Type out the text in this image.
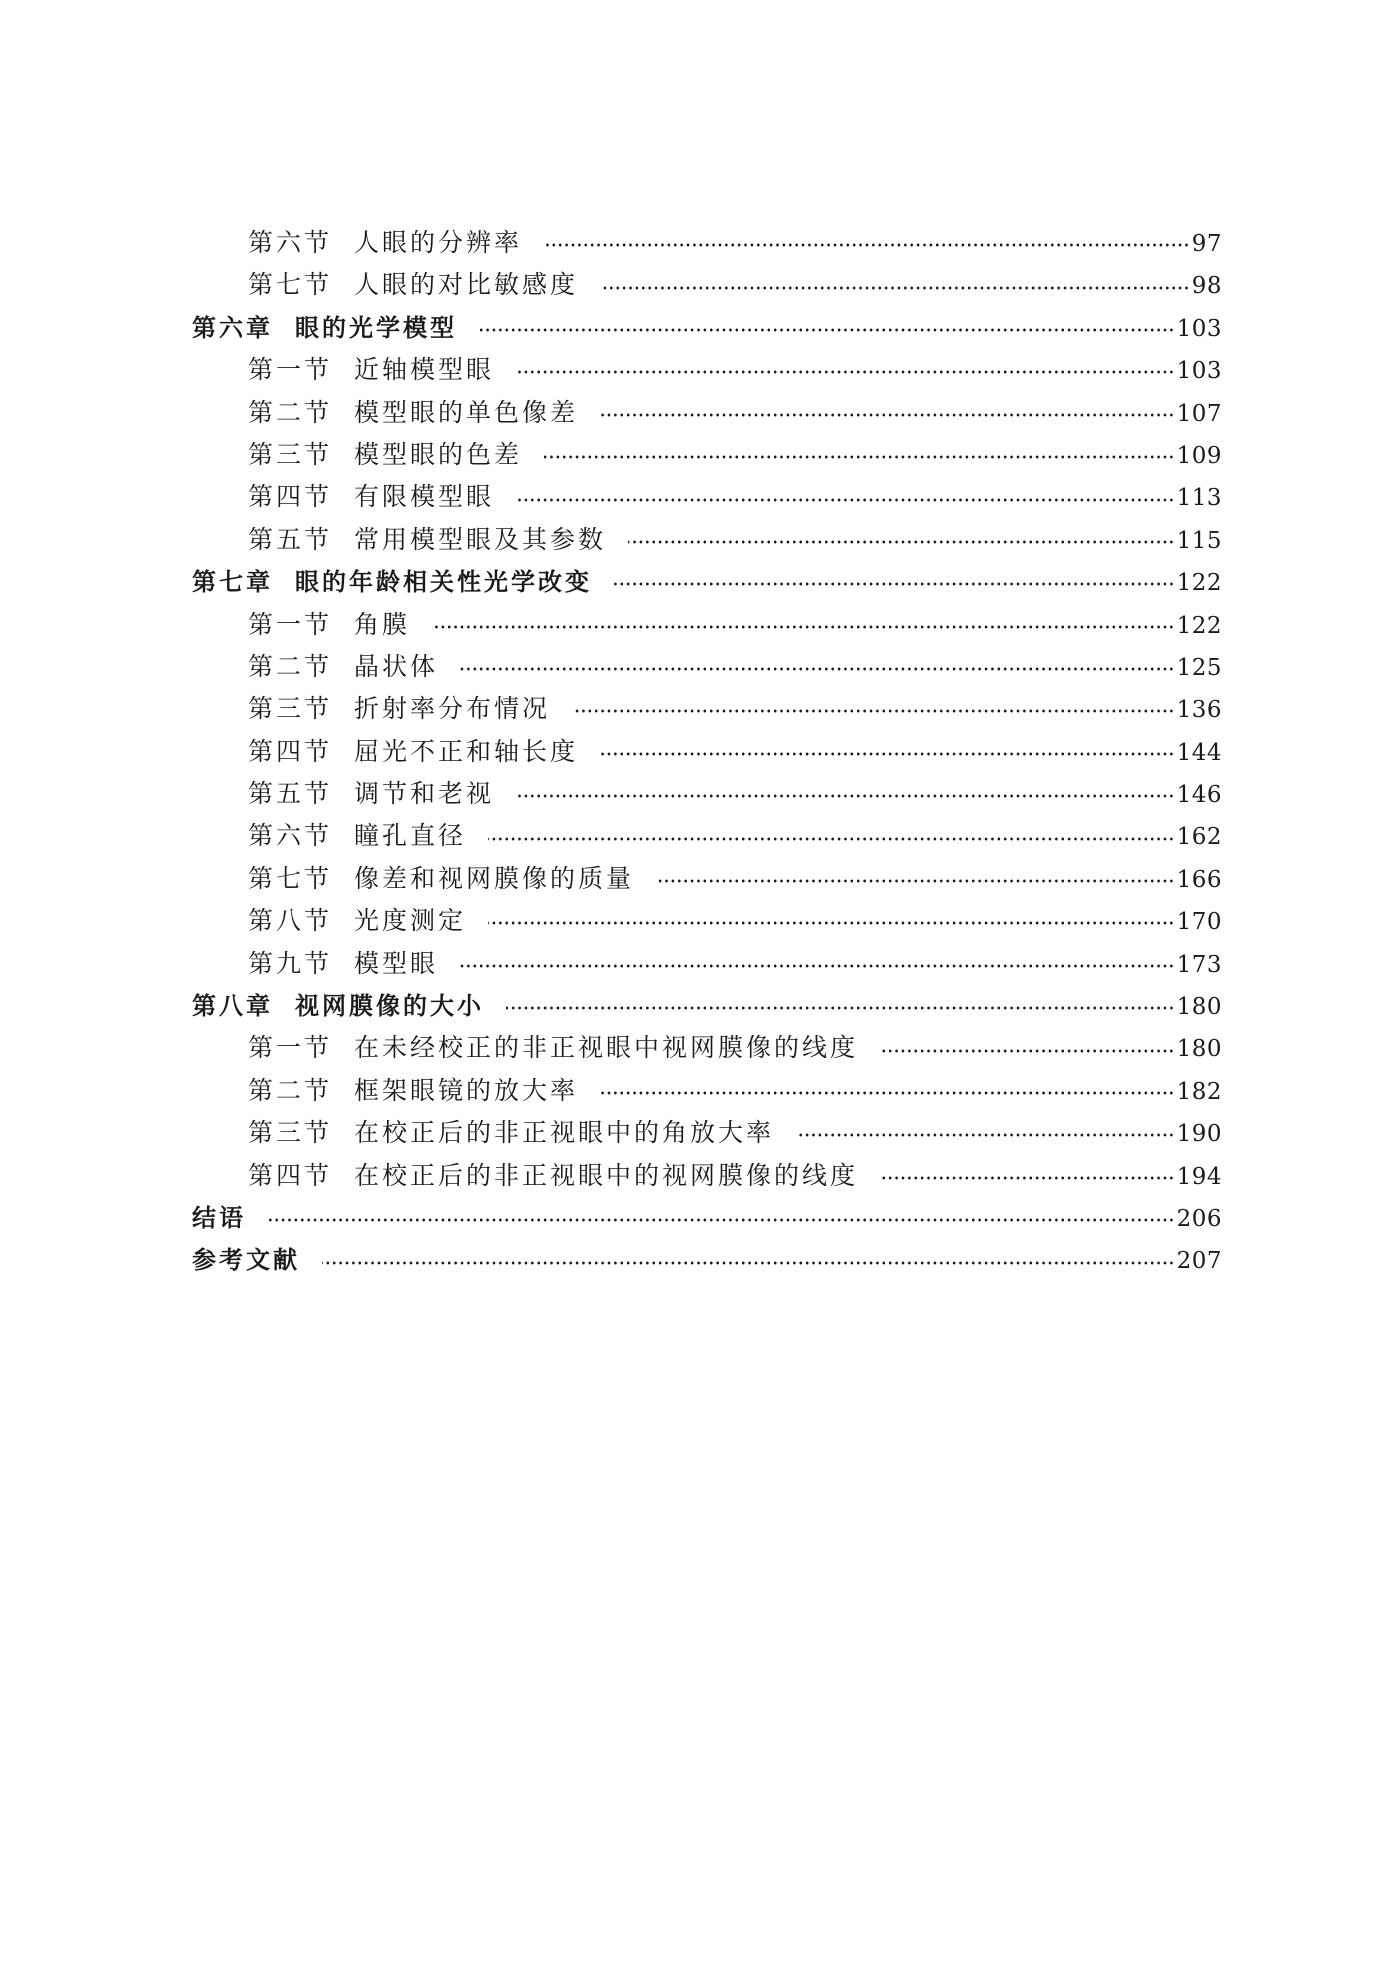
第六节 人眼的分辨率	97
第七节 人眼的对比敏感度	98
第六章 眼的光学模型	103
第一节 近轴模型眼	103
第二节 模型眼的单色像差	107
第三节 模型眼的色差	109
第四节 有限模型眼	113
第五节 常用模型眼及其参数	115
第七章 眼的年龄相关性光学改变	122
第一节 角膜	122
第二节 晶状体	125
第三节 折射率分布情况	136
第四节 屈光不正和轴长度	144
第五节 调节和老视	146
第六节 瞳孔直径	162
第七节 像差和视网膜像的质量	166
第八节 光度测定	170
第九节 模型眼	173
第八章 视网膜像的大小	180
第一节 在未经校正的非正视眼中视网膜像的线度	180
第二节 框架眼镜的放大率	182
第三节 在校正后的非正视眼中的角放大率	190
第四节 在校正后的非正视眼中的视网膜像的线度	194
结语	206
参考文献	207
